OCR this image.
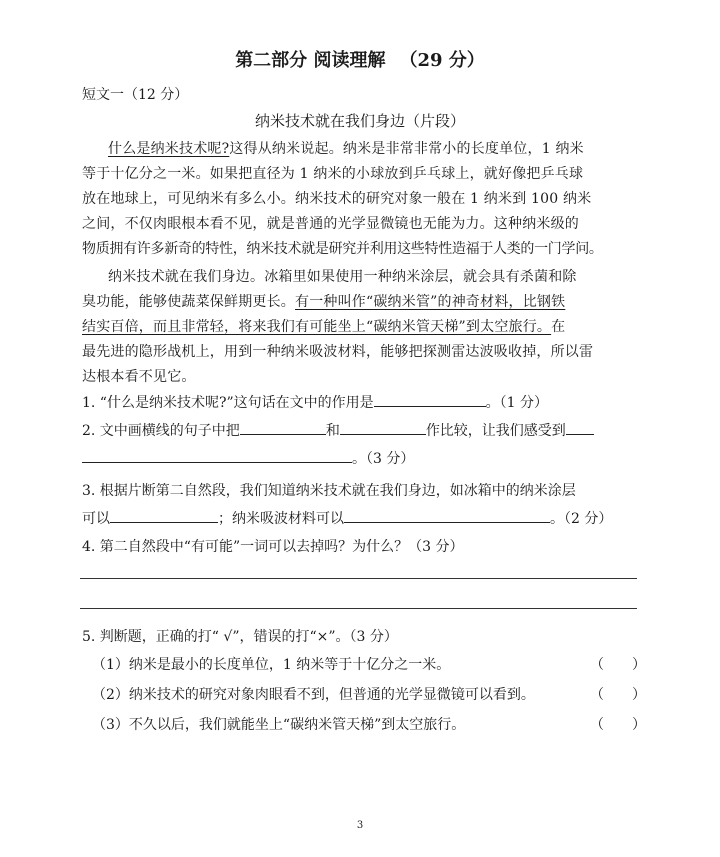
第二部分 阅读理解 （29 分）
短文一（12 分）
纳米技术就在我们身边（片段）
什么是纳米技术呢?这得从纳米说起。纳米是非常非常小的长度单位，1 纳米
等于十亿分之一米。如果把直径为 1 纳米的小球放到乒乓球上，就好像把乒乓球
放在地球上，可见纳米有多么小。纳米技术的研究对象一般在 1 纳米到 100 纳米
之间，不仅肉眼根本看不见，就是普通的光学显微镜也无能为力。这种纳米级的
物质拥有许多新奇的特性，纳米技术就是研究并利用这些特性造福于人类的一门学问。
纳米技术就在我们身边。冰箱里如果使用一种纳米涂层，就会具有杀菌和除
臭功能，能够使蔬菜保鲜期更长。有一种叫作“碳纳米管”的神奇材料，比钢铁
结实百倍，而且非常轻，将来我们有可能坐上“碳纳米管天梯”到太空旅行。在
最先进的隐形战机上，用到一种纳米吸波材料，能够把探测雷达波吸收掉，所以雷
达根本看不见它。
1. “什么是纳米技术呢?”这句话在文中的作用是	。（1 分）
2. 文中画横线的句子中把	和	作比较，让我们感受到
。（3 分）
3. 根据片断第二自然段，我们知道纳米技术就在我们身边，如冰箱中的纳米涂层
可以	；纳米吸波材料可以	。（2 分）
4. 第二自然段中“有可能”一词可以去掉吗？为什么？（3 分）
5. 判断题，正确的打“ √”，错误的打“×”。（3 分）
（1）纳米是最小的长度单位，1 纳米等于十亿分之一米。	（　　）
（2）纳米技术的研究对象肉眼看不到，但普通的光学显微镜可以看到。	（　　）
（3）不久以后，我们就能坐上“碳纳米管天梯”到太空旅行。	（　　）
3
